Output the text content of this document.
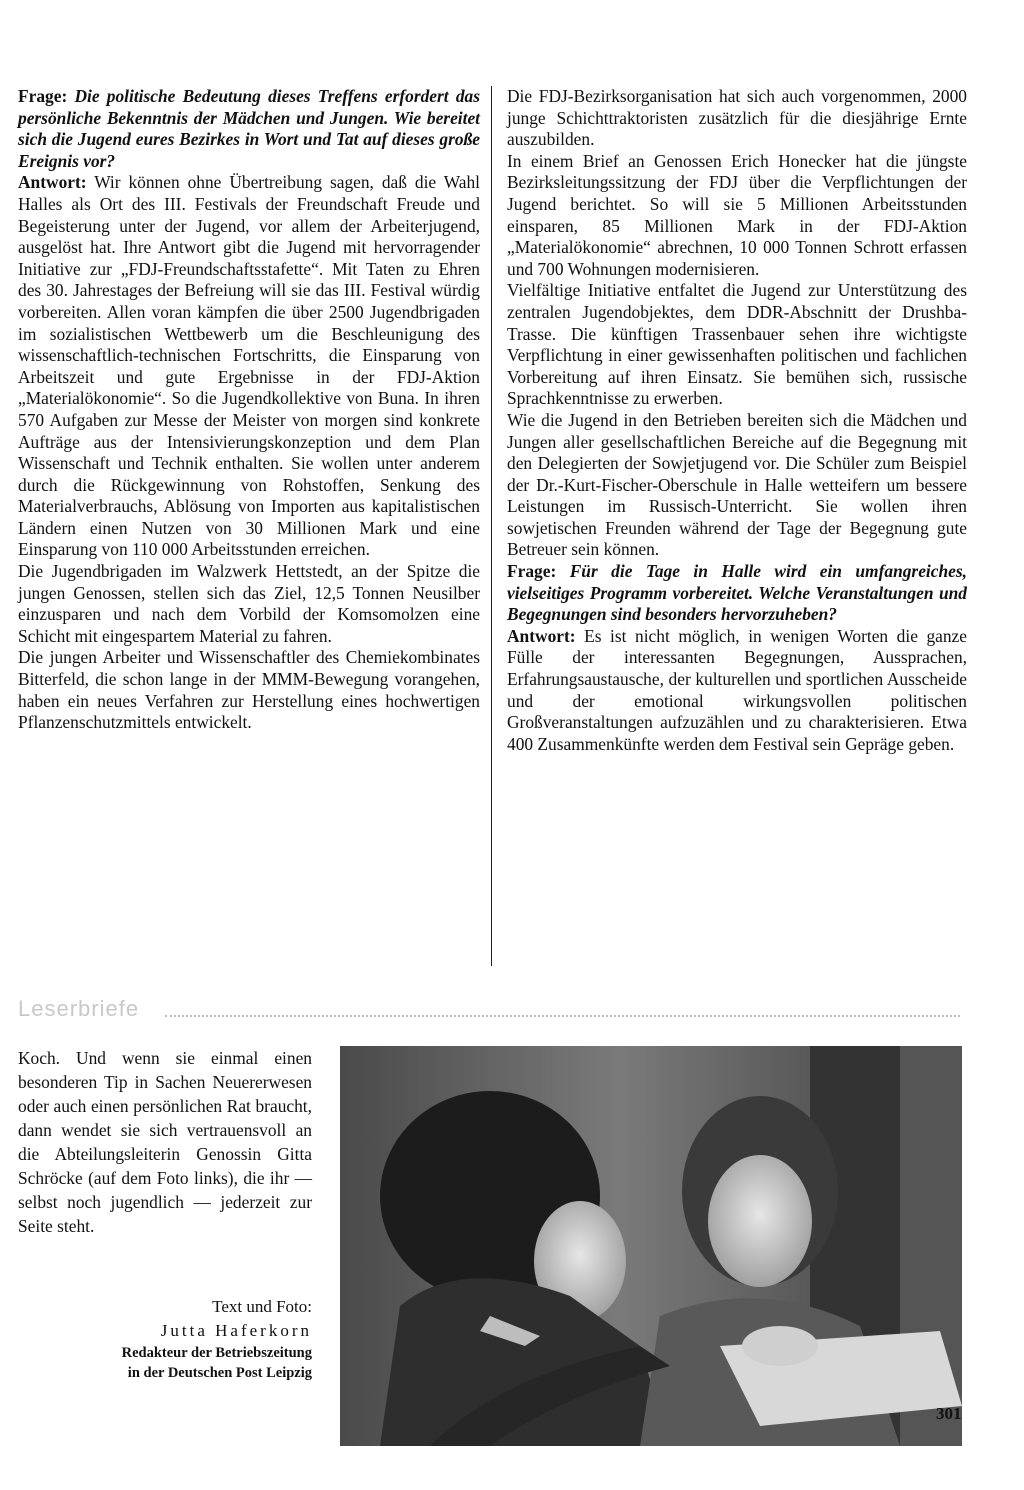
Frage: Die politische Bedeutung dieses Treffens erfordert das persönliche Bekenntnis der Mädchen und Jungen. Wie bereitet sich die Jugend eures Bezirkes in Wort und Tat auf dieses große Ereignis vor?

Antwort: Wir können ohne Übertreibung sagen, daß die Wahl Halles als Ort des III. Festivals der Freundschaft Freude und Begeisterung unter der Jugend, vor allem der Arbeiterjugend, ausgelöst hat. Ihre Antwort gibt die Jugend mit hervorragender Initiative zur „FDJ-Freundschaftsstafette“. Mit Taten zu Ehren des 30. Jahrestages der Befreiung will sie das III. Festival würdig vorbereiten. Allen voran kämpfen die über 2500 Jugendbrigaden im sozialistischen Wettbewerb um die Beschleunigung des wissenschaftlich-technischen Fortschritts, die Einsparung von Arbeitszeit und gute Ergebnisse in der FDJ-Aktion „Materialökonomie“. So die Jugendkollektive von Buna. In ihren 570 Aufgaben zur Messe der Meister von morgen sind konkrete Aufträge aus der Intensivierungskonzeption und dem Plan Wissenschaft und Technik enthalten. Sie wollen unter anderem durch die Rückgewinnung von Rohstoffen, Senkung des Materialverbrauchs, Ablösung von Importen aus kapitalistischen Ländern einen Nutzen von 30 Millionen Mark und eine Einsparung von 110 000 Arbeitsstunden erreichen.

Die Jugendbrigaden im Walzwerk Hettstedt, an der Spitze die jungen Genossen, stellen sich das Ziel, 12,5 Tonnen Neusilber einzusparen und nach dem Vorbild der Komsomolzen eine Schicht mit eingespartem Material zu fahren.

Die jungen Arbeiter und Wissenschaftler des Chemiekombinates Bitterfeld, die schon lange in der MMM-Bewegung vorangehen, haben ein neues Verfahren zur Herstellung eines hochwertigen Pflanzenschutzmittels entwickelt.

Die FDJ-Bezirksorganisation hat sich auch vorgenommen, 2000 junge Schichttraktoristen zusätzlich für die diesjährige Ernte auszubilden.

In einem Brief an Genossen Erich Honecker hat die jüngste Bezirksleitungssitzung der FDJ über die Verpflichtungen der Jugend berichtet. So will sie 5 Millionen Arbeitsstunden einsparen, 85 Millionen Mark in der FDJ-Aktion „Materialökonomie“ abrechnen, 10 000 Tonnen Schrott erfassen und 700 Wohnungen modernisieren.

Vielfältige Initiative entfaltet die Jugend zur Unterstützung des zentralen Jugendobjektes, dem DDR-Abschnitt der Drushba-Trasse. Die künftigen Trassenbauer sehen ihre wichtigste Verpflichtung in einer gewissenhaften politischen und fachlichen Vorbereitung auf ihren Einsatz. Sie bemühen sich, russische Sprachkenntnisse zu erwerben.

Wie die Jugend in den Betrieben bereiten sich die Mädchen und Jungen aller gesellschaftlichen Bereiche auf die Begegnung mit den Delegierten der Sowjetjugend vor. Die Schüler zum Beispiel der Dr.-Kurt-Fischer-Oberschule in Halle wetteifern um bessere Leistungen im Russisch-Unterricht. Sie wollen ihren sowjetischen Freunden während der Tage der Begegnung gute Betreuer sein können.

Frage: Für die Tage in Halle wird ein umfangreiches, vielseitiges Programm vorbereitet. Welche Veranstaltungen und Begegnungen sind besonders hervorzuheben?

Antwort: Es ist nicht möglich, in wenigen Worten die ganze Fülle der interessanten Begegnungen, Aussprachen, Erfahrungsaustausche, der kulturellen und sportlichen Ausscheide und der emotional wirkungsvollen politischen Großveranstaltungen aufzuzählen und zu charakterisieren. Etwa 400 Zusammenkünfte werden dem Festival sein Gepräge geben.

Leserbriefe

Koch. Und wenn sie einmal einen besonderen Tip in Sachen Neuererwesen oder auch einen persönlichen Rat braucht, dann wendet sie sich vertrauensvoll an die Abteilungsleiterin Genossin Gitta Schröcke (auf dem Foto links), die ihr — selbst noch jugendlich — jederzeit zur Seite steht.

Text und Foto:
Jutta Haferkorn
Redakteur der Betriebszeitung
in der Deutschen Post Leipzig
301
